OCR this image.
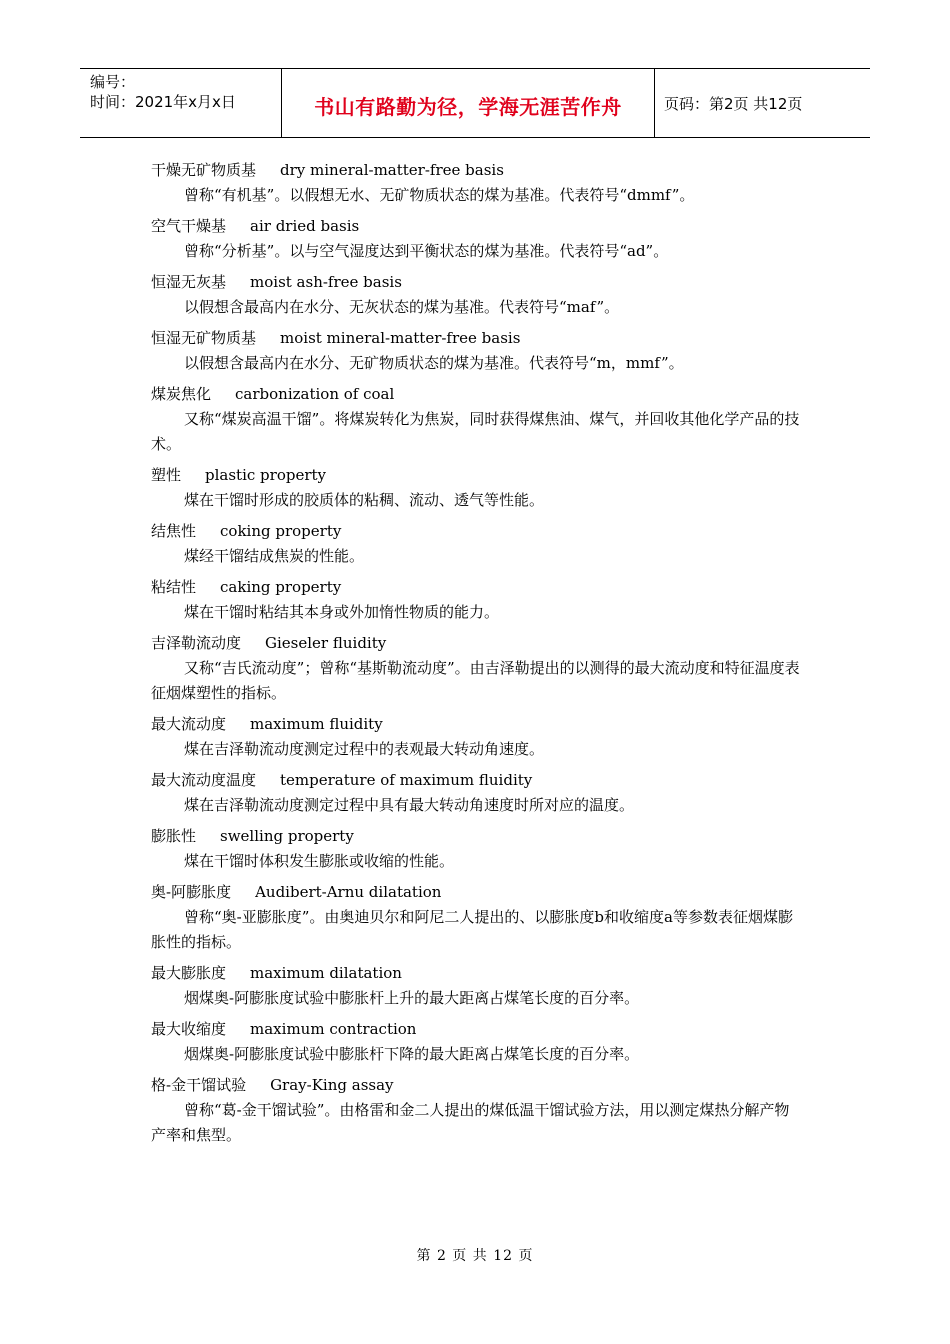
编号：
时间：2021年x月x日	书山有路勤为径，学海无涯苦作舟	页码：第2页 共12页
干燥无矿物质基 dry mineral-matter-free basis
曾称“有机基”。以假想无水、无矿物质状态的煤为基准。代表符号“dmmf”。
空气干燥基 air dried basis
曾称“分析基”。以与空气湿度达到平衡状态的煤为基准。代表符号“ad”。
恒湿无灰基 moist ash-free basis
以假想含最高内在水分、无灰状态的煤为基准。代表符号“maf”。
恒湿无矿物质基 moist mineral-matter-free basis
以假想含最高内在水分、无矿物质状态的煤为基准。代表符号“m，mmf”。
煤炭焦化 carbonization of coal
又称“煤炭高温干馏”。将煤炭转化为焦炭，同时获得煤焦油、煤气，并回收其他化学产品的技术。
塑性 plastic property
煤在干馏时形成的胶质体的粘稠、流动、透气等性能。
结焦性 coking property
煤经干馏结成焦炭的性能。
粘结性 caking property
煤在干馏时粘结其本身或外加惰性物质的能力。
吉泽勒流动度 Gieseler fluidity
又称“吉氏流动度”；曾称“基斯勒流动度”。由吉泽勒提出的以测得的最大流动度和特征温度表征烟煤塑性的指标。
最大流动度 maximum fluidity
煤在吉泽勒流动度测定过程中的表观最大转动角速度。
最大流动度温度 temperature of maximum fluidity
煤在吉泽勒流动度测定过程中具有最大转动角速度时所对应的温度。
膨胀性 swelling property
煤在干馏时体积发生膨胀或收缩的性能。
奥-阿膨胀度 Audibert-Arnu dilatation
曾称“奥-亚膨胀度”。由奥迪贝尔和阿尼二人提出的、以膨胀度b和收缩度a等参数表征烟煤膨胀性的指标。
最大膨胀度 maximum dilatation
烟煤奥-阿膨胀度试验中膨胀杆上升的最大距离占煤笔长度的百分率。
最大收缩度 maximum contraction
烟煤奥-阿膨胀度试验中膨胀杆下降的最大距离占煤笔长度的百分率。
格-金干馏试验 Gray-King assay
曾称“葛-金干馏试验”。由格雷和金二人提出的煤低温干馏试验方法，用以测定煤热分解产物产率和焦型。
第 2 页 共 12 页
